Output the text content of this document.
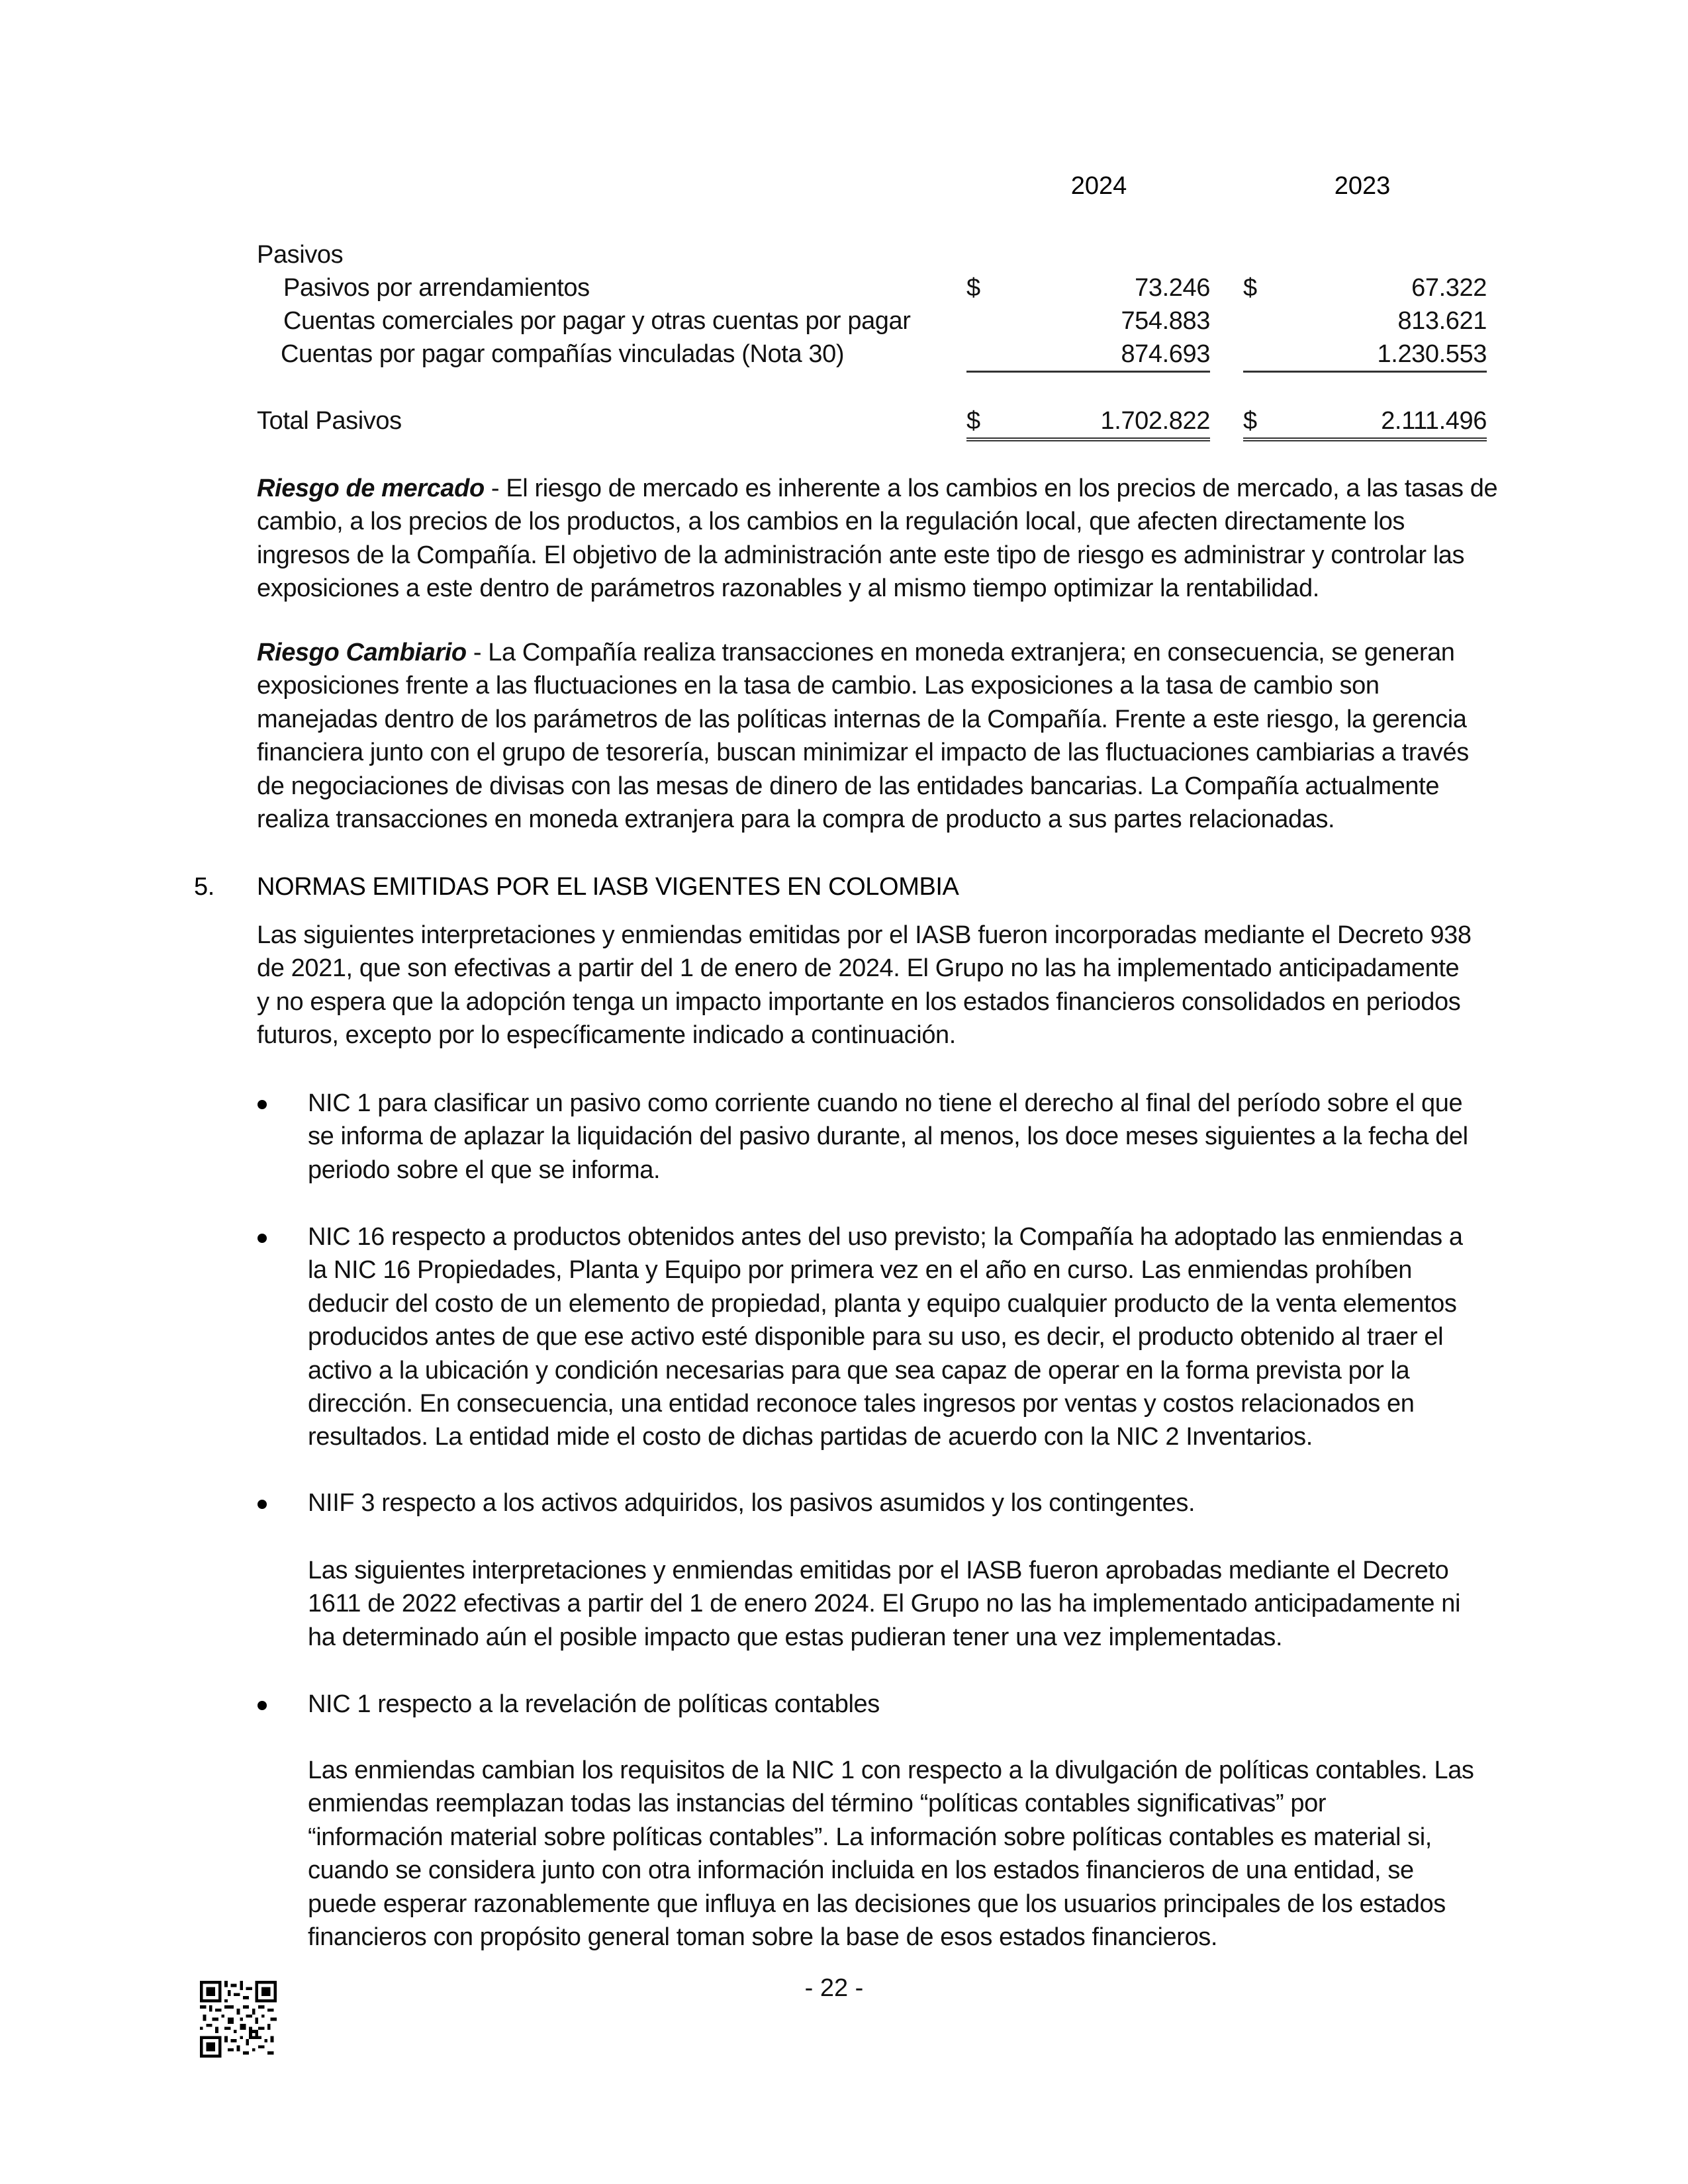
2024	2023
Pasivos
Pasivos por arrendamientos	$	73.246 $	67.322
Cuentas comerciales por pagar y otras cuentas por pagar	754.883	813.621
Cuentas por pagar compañías vinculadas (Nota 30)	874.693	1.230.553
Total Pasivos	$	1.702.822 $	2.111.496
Riesgo de mercado - El riesgo de mercado es inherente a los cambios en los precios de mercado, a las tasas de
cambio, a los precios de los productos, a los cambios en la regulación local, que afecten directamente los
ingresos de la Compañía. El objetivo de la administración ante este tipo de riesgo es administrar y controlar las
exposiciones a este dentro de parámetros razonables y al mismo tiempo optimizar la rentabilidad.
Riesgo Cambiario - La Compañía realiza transacciones en moneda extranjera; en consecuencia, se generan
exposiciones frente a las fluctuaciones en la tasa de cambio. Las exposiciones a la tasa de cambio son
manejadas dentro de los parámetros de las políticas internas de la Compañía. Frente a este riesgo, la gerencia
financiera junto con el grupo de tesorería, buscan minimizar el impacto de las fluctuaciones cambiarias a través
de negociaciones de divisas con las mesas de dinero de las entidades bancarias. La Compañía actualmente
realiza transacciones en moneda extranjera para la compra de producto a sus partes relacionadas.
5. NORMAS EMITIDAS POR EL IASB VIGENTES EN COLOMBIA
Las siguientes interpretaciones y enmiendas emitidas por el IASB fueron incorporadas mediante el Decreto 938
de 2021, que son efectivas a partir del 1 de enero de 2024. El Grupo no las ha implementado anticipadamente
y no espera que la adopción tenga un impacto importante en los estados financieros consolidados en periodos
futuros, excepto por lo específicamente indicado a continuación.
NIC 1 para clasificar un pasivo como corriente cuando no tiene el derecho al final del período sobre el que
se informa de aplazar la liquidación del pasivo durante, al menos, los doce meses siguientes a la fecha del
periodo sobre el que se informa.
NIC 16 respecto a productos obtenidos antes del uso previsto; la Compañía ha adoptado las enmiendas a
la NIC 16 Propiedades, Planta y Equipo por primera vez en el año en curso. Las enmiendas prohíben
deducir del costo de un elemento de propiedad, planta y equipo cualquier producto de la venta elementos
producidos antes de que ese activo esté disponible para su uso, es decir, el producto obtenido al traer el
activo a la ubicación y condición necesarias para que sea capaz de operar en la forma prevista por la
dirección. En consecuencia, una entidad reconoce tales ingresos por ventas y costos relacionados en
resultados. La entidad mide el costo de dichas partidas de acuerdo con la NIC 2 Inventarios.
NIIF 3 respecto a los activos adquiridos, los pasivos asumidos y los contingentes.
Las siguientes interpretaciones y enmiendas emitidas por el IASB fueron aprobadas mediante el Decreto
1611 de 2022 efectivas a partir del 1 de enero 2024. El Grupo no las ha implementado anticipadamente ni
ha determinado aún el posible impacto que estas pudieran tener una vez implementadas.
NIC 1 respecto a la revelación de políticas contables
Las enmiendas cambian los requisitos de la NIC 1 con respecto a la divulgación de políticas contables. Las
enmiendas reemplazan todas las instancias del término “políticas contables significativas” por
“información material sobre políticas contables”. La información sobre políticas contables es material si,
cuando se considera junto con otra información incluida en los estados financieros de una entidad, se
puede esperar razonablemente que influya en las decisiones que los usuarios principales de los estados
financieros con propósito general toman sobre la base de esos estados financieros.
- 22 -
